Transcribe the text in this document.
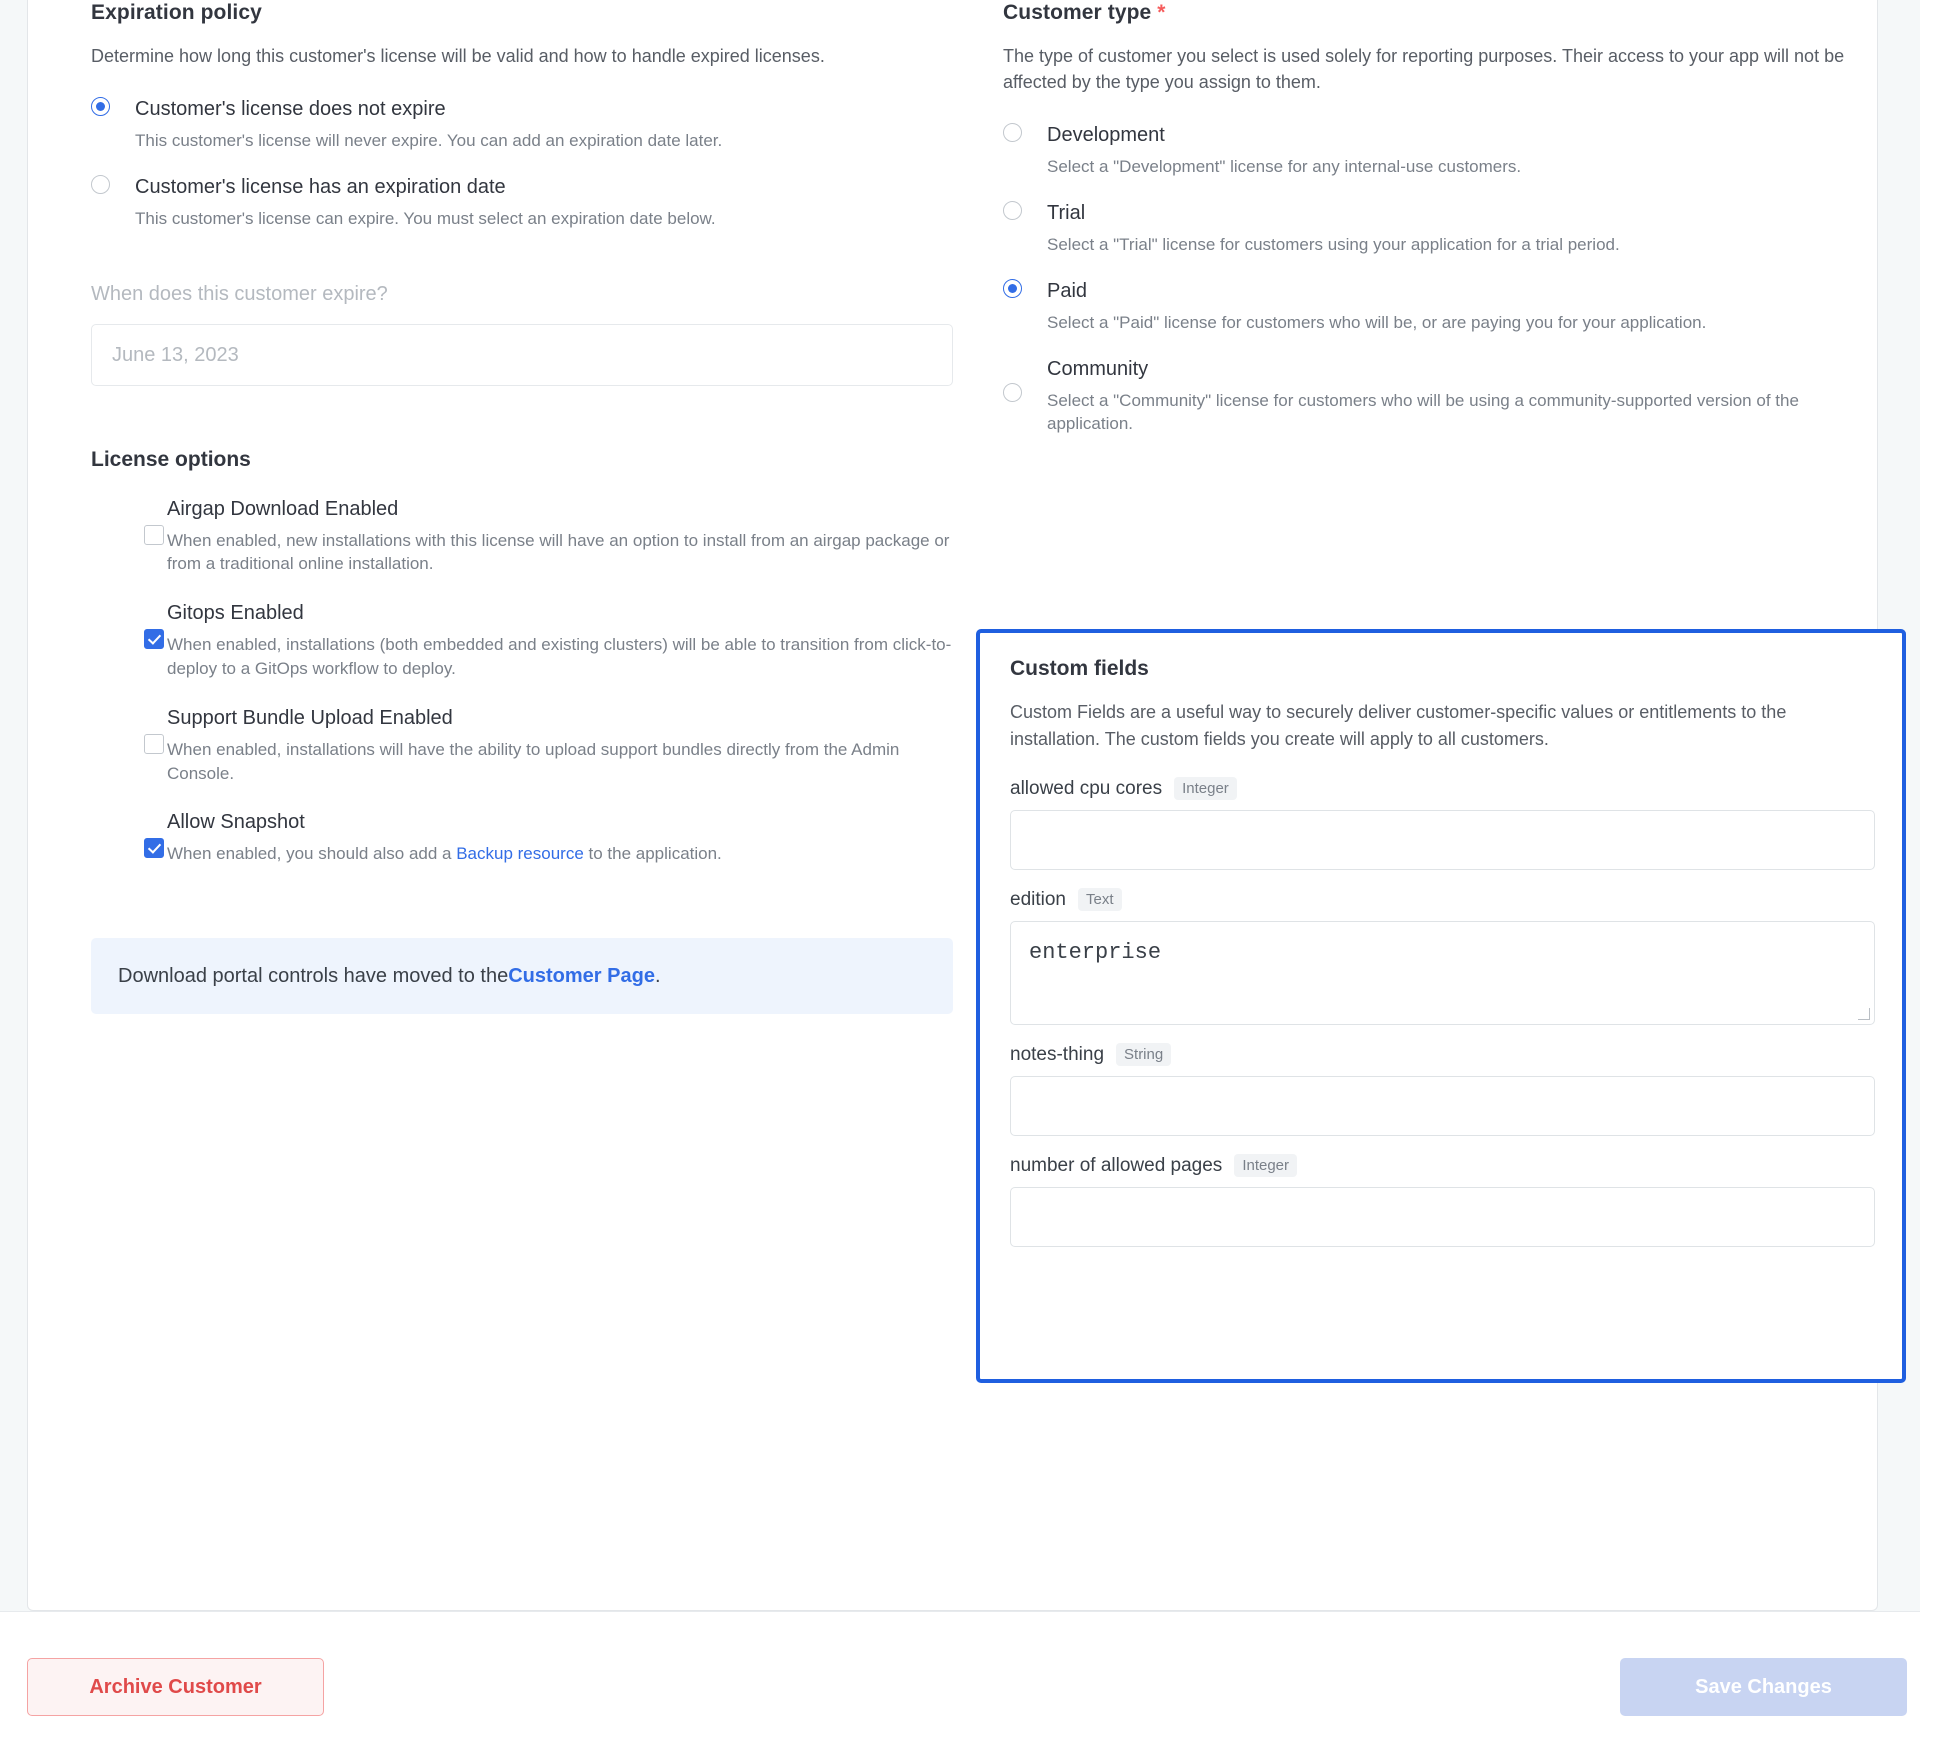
Expiration policy

Determine how long this customer's license will be valid and how to handle expired licenses.

Customer's license does not expire
This customer's license will never expire. You can add an expiration date later.
Customer's license has an expiration date
This customer's license can expire. You must select an expiration date below.
When does this customer expire?
June 13, 2023
License options
Airgap Download Enabled
When enabled, new installations with this license will have an option to install from an airgap package or from a traditional online installation.
Gitops Enabled
When enabled, installations (both embedded and existing clusters) will be able to transition from click-to-deploy to a GitOps workflow to deploy.
Support Bundle Upload Enabled
When enabled, installations will have the ability to upload support bundles directly from the Admin Console.
Allow Snapshot
When enabled, you should also add a Backup resource to the application.
Download portal controls have moved to the Customer Page .
Customer type *

The type of customer you select is used solely for reporting purposes. Their access to your app will not be affected by the type you assign to them.

Development
Select a "Development" license for any internal-use customers.
Trial
Select a "Trial" license for customers using your application for a trial period.
Paid
Select a "Paid" license for customers who will be, or are paying you for your application.
Community
Select a "Community" license for customers who will be using a community-supported version of the application.
Custom fields

Custom Fields are a useful way to securely deliver customer-specific values or entitlements to the installation. The custom fields you create will apply to all customers.

allowed cpu cores	Integer
edition	Text
enterprise
notes-thing	String
number of allowed pages	Integer
Archive Customer	Save Changes
